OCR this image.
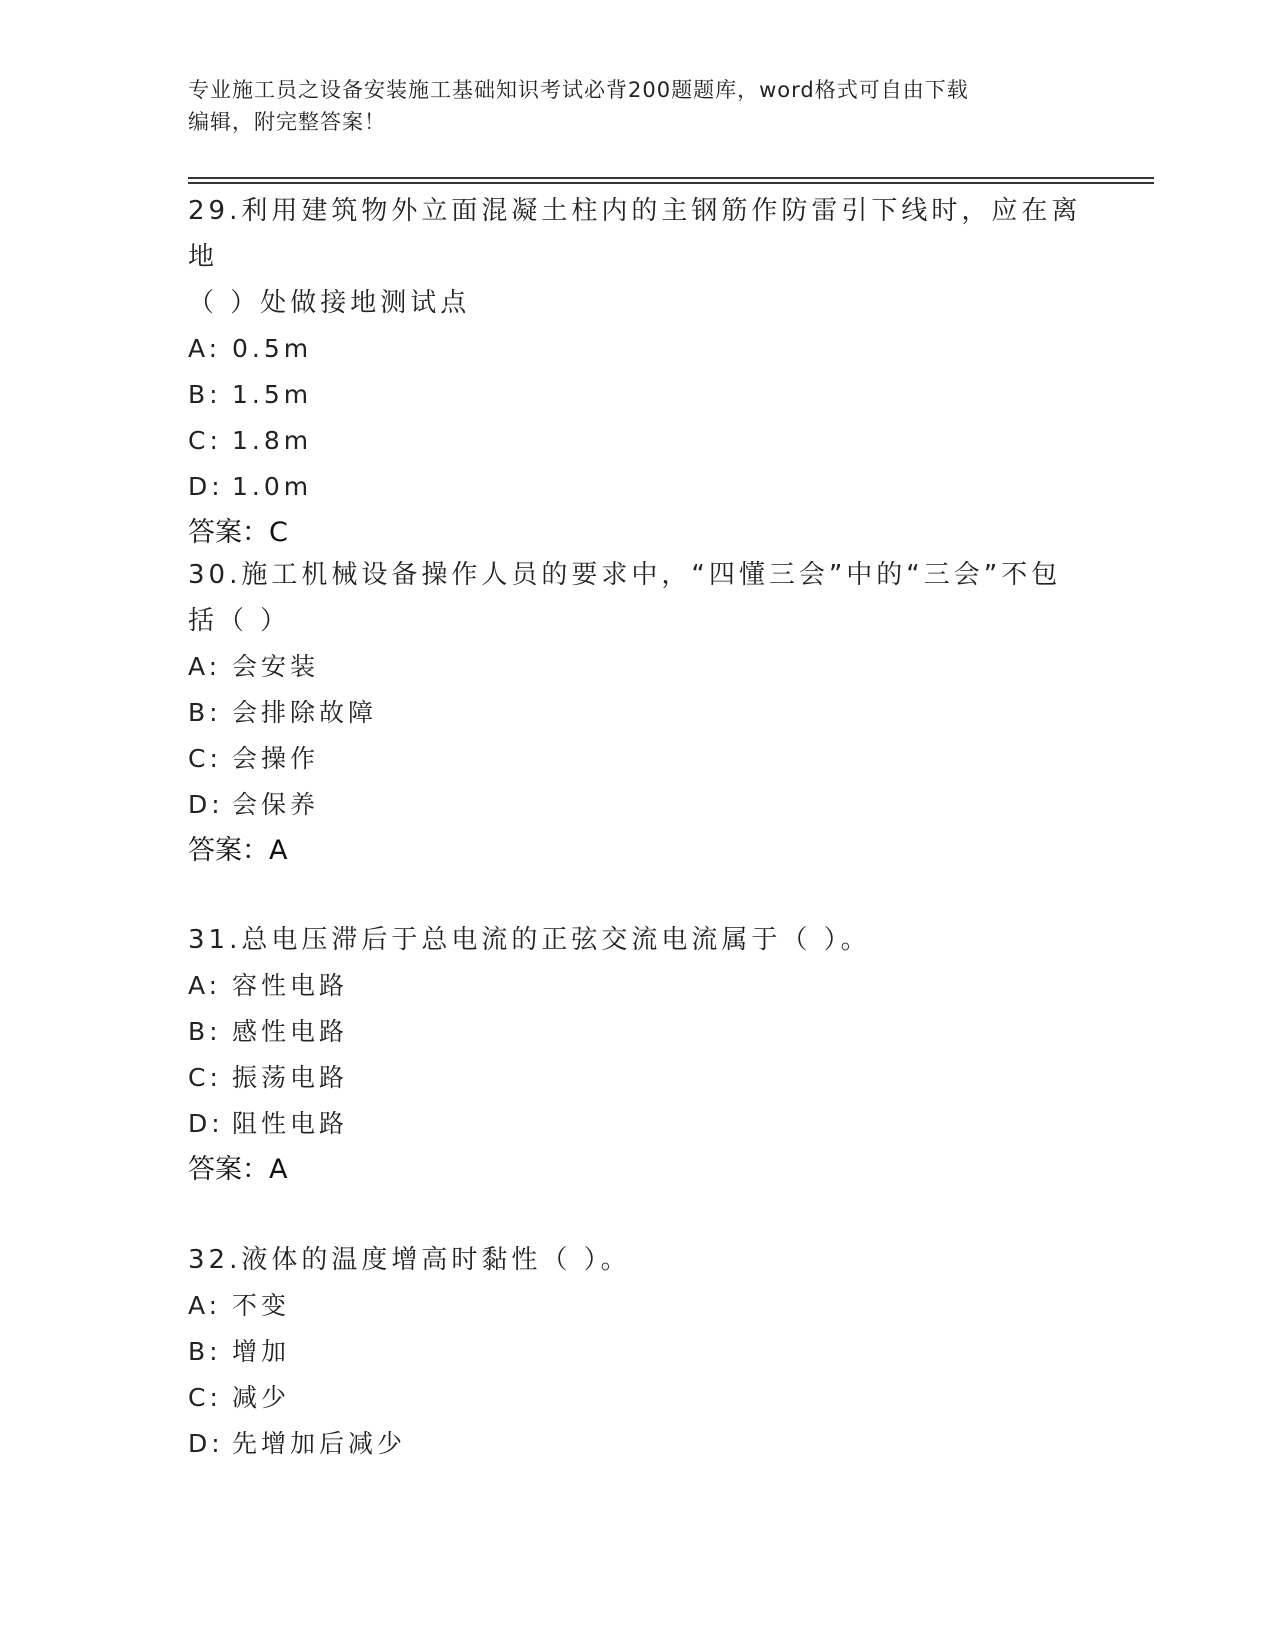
专业施工员之设备安装施工基础知识考试必背200题题库，word格式可自由下载
编辑，附完整答案！

29.利用建筑物外立面混凝土柱内的主钢筋作防雷引下线时，应在离地

（ ）处做接地测试点

A: 0.5m

B: 1.5m

C: 1.8m

D: 1.0m

答案：C

30.施工机械设备操作人员的要求中，“四懂三会”中的“三会”不包

括（ ）

A: 会安装

B: 会排除故障

C: 会操作

D: 会保养

答案：A

31.总电压滞后于总电流的正弦交流电流属于（ ）。

A: 容性电路

B: 感性电路

C: 振荡电路

D: 阻性电路

答案：A

32.液体的温度增高时黏性（ ）。

A: 不变

B: 增加

C: 减少

D: 先增加后减少
